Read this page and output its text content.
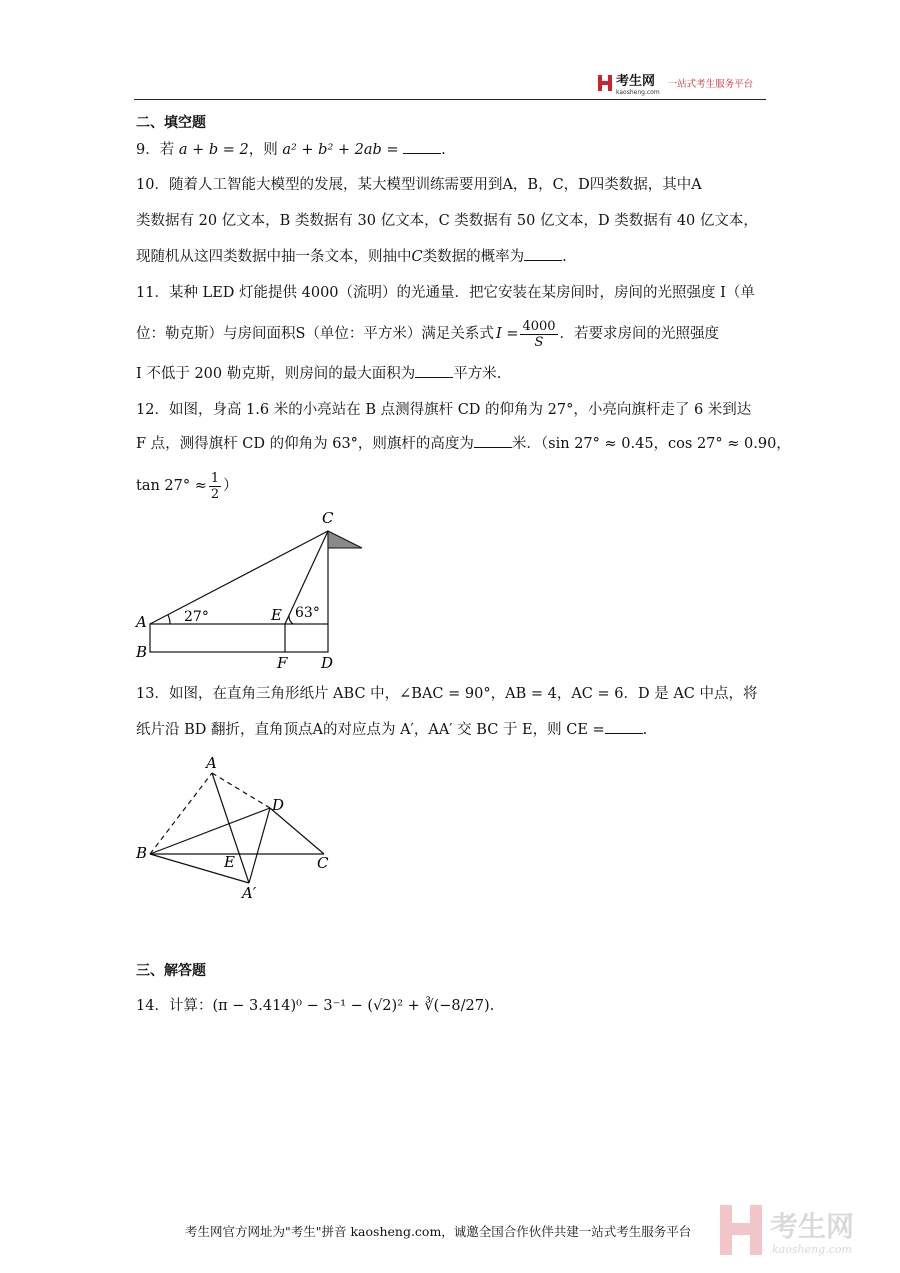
考生网
kaosheng.com
一站式考生服务平台
二、填空题
9．若 a + b = 2，则 a² + b² + 2ab =	.
10．随着人工智能大模型的发展，某大模型训练需要用到A，B，C，D四类数据，其中A
类数据有 20 亿文本，B 类数据有 30 亿文本，C 类数据有 50 亿文本，D 类数据有 40 亿文本，
现随机从这四类数据中抽一条文本，则抽中C类数据的概率为	.
11．某种 LED 灯能提供 4000（流明）的光通量．把它安装在某房间时，房间的光照强度 I（单
位：勒克斯）与房间面积S（单位：平方米）满足关系式 $I = \frac{4000}{S}$ ．若要求房间的光照强度
I 不低于 200 勒克斯，则房间的最大面积为	平方米.
12．如图，身高 1.6 米的小亮站在 B 点测得旗杆 CD 的仰角为 27°，小亮向旗杆走了 6 米到达
F 点，测得旗杆 CD 的仰角为 63°，则旗杆的高度为	米．（sin 27° ≈ 0.45，cos 27° ≈ 0.90，
$\tan 27^\circ \approx \frac{1}{2}$ ）
C
A
B
E
F D
27°	63°
13．如图，在直角三角形纸片 ABC 中，∠BAC = 90°，AB = 4，AC = 6．D 是 AC 中点，将
纸片沿 BD 翻折，直角顶点A的对应点为 A′，AA′ 交 BC 于 E，则 CE =	.
A
D
B	E	C
A′
三、解答题
14．计算：(π − 3.414)⁰ − 3⁻¹ − (√2)² + ∛(−8/27).
考生网官方网址为"考生"拼音 kaosheng.com，诚邀全国合作伙伴共建一站式考生服务平台	考生网
kaosheng.com
